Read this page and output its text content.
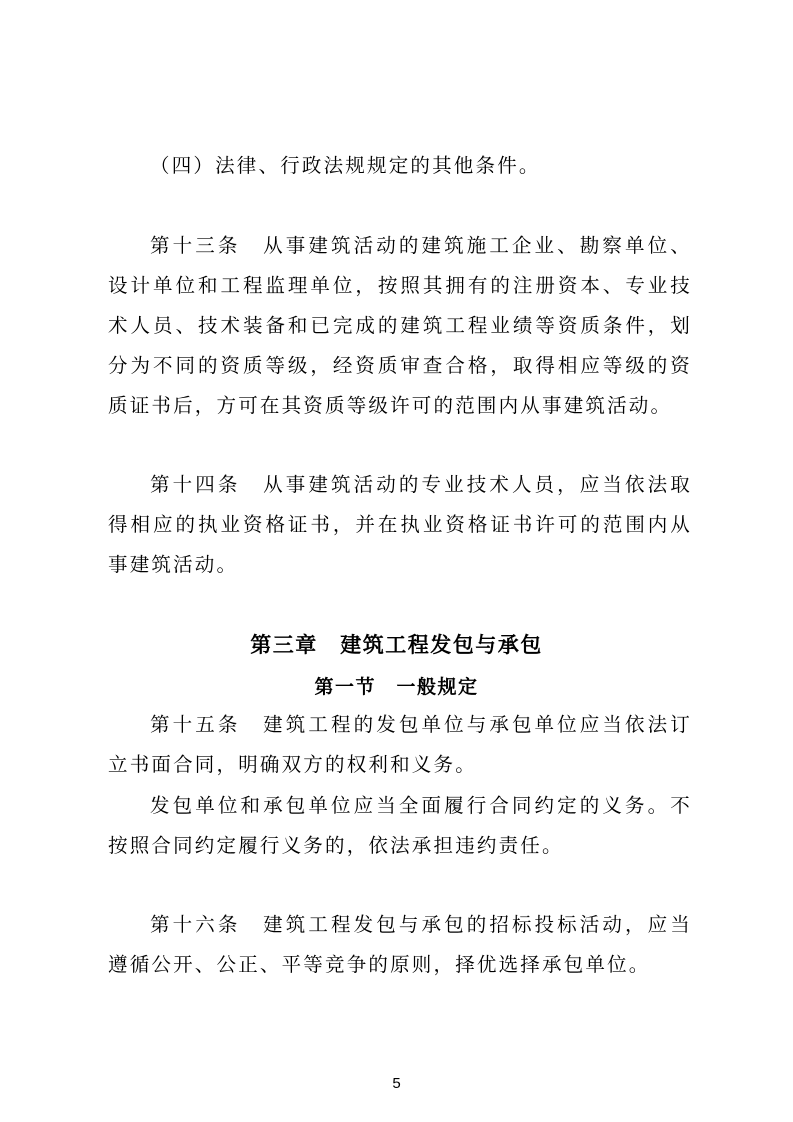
（四）法律、行政法规规定的其他条件。

第十三条　从事建筑活动的建筑施工企业、勘察单位、设计单位和工程监理单位，按照其拥有的注册资本、专业技术人员、技术装备和已完成的建筑工程业绩等资质条件，划分为不同的资质等级，经资质审查合格，取得相应等级的资质证书后，方可在其资质等级许可的范围内从事建筑活动。

第十四条　从事建筑活动的专业技术人员，应当依法取得相应的执业资格证书，并在执业资格证书许可的范围内从事建筑活动。

第三章　建筑工程发包与承包
第一节　一般规定

第十五条　建筑工程的发包单位与承包单位应当依法订立书面合同，明确双方的权利和义务。

发包单位和承包单位应当全面履行合同约定的义务。不按照合同约定履行义务的，依法承担违约责任。

第十六条　建筑工程发包与承包的招标投标活动，应当遵循公开、公正、平等竞争的原则，择优选择承包单位。

5
